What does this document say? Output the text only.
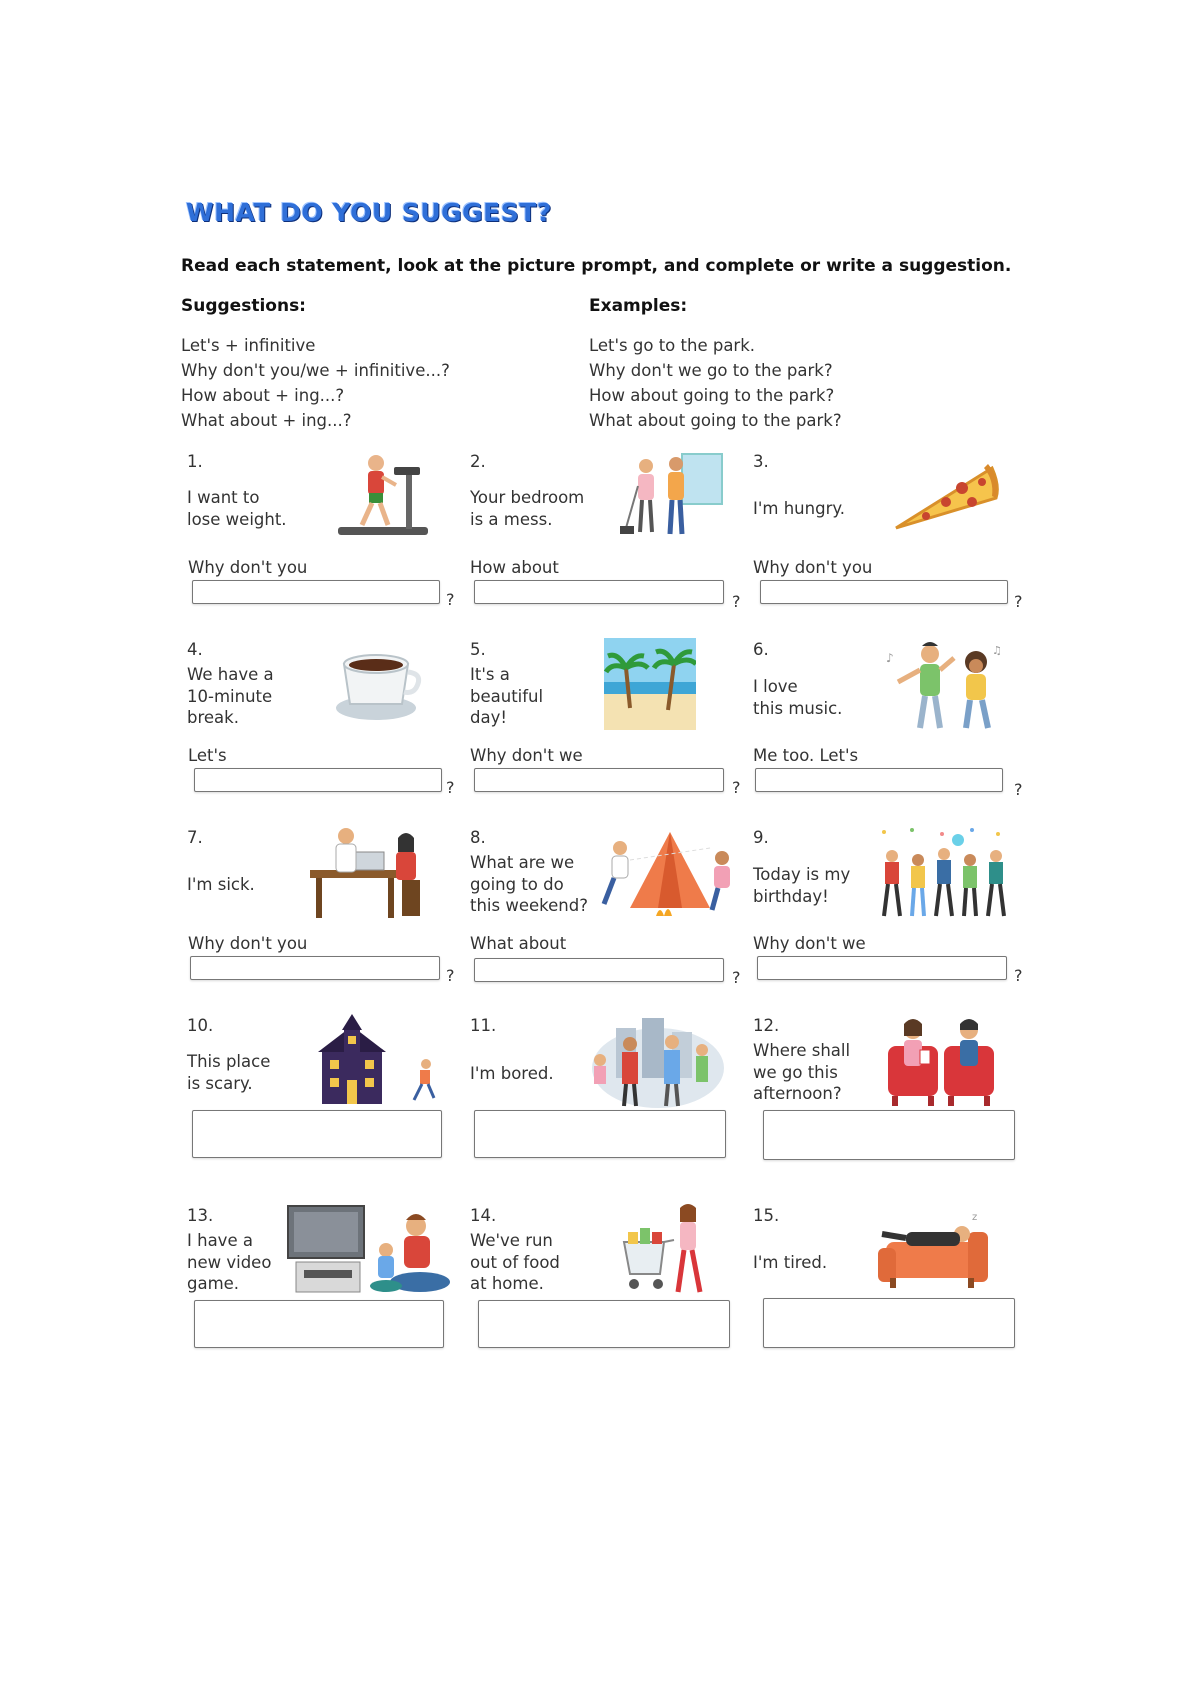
WHAT DO YOU SUGGEST?
Read each statement, look at the picture prompt, and complete or write a suggestion.
Suggestions:	Examples:
Let's + infinitive
Why don't you/we + infinitive...?
How about + ing...?
What about + ing...?
Let's go to the park.
Why don't we go to the park?
How about going to the park?
What about going to the park?
1.
I want to
lose weight.
Why don't you
?
2.
Your bedroom
is a mess.
How about
?
3.
I'm hungry.
Why don't you
?
4.
We have a
10-minute
break.
Let's
?
5.
It's a
beautiful
day!
Why don't we
?
6.
I love
this music.
♪
♫
Me too. Let's
?
7.
I'm sick.
Why don't you
?
8.
What are we
going to do
this weekend?
What about
?
9.
Today is my
birthday!
Why don't we
?
10.
This place
is scary.
11.
I'm bored.
12.
Where shall
we go this
afternoon?
13.
I have a
new video
game.
14.
We've run
out of food
at home.
15.
I'm tired.
z
